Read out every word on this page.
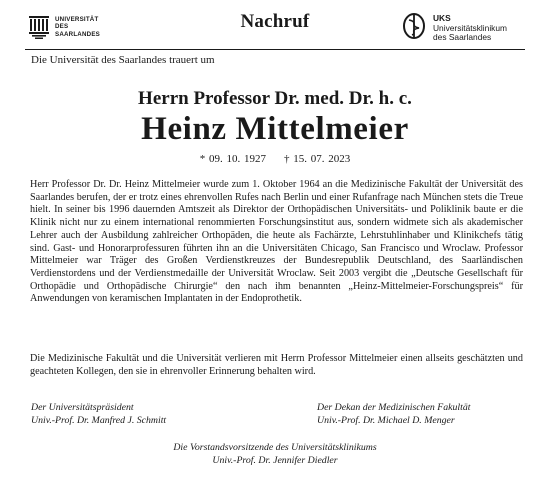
UNIVERSITÄT
DES
SAARLANDES
Nachruf	UKS
Universitätsklinikum
des Saarlandes
Die Universität des Saarlandes trauert um
Herrn Professor Dr. med. Dr. h. c.
Heinz Mittelmeier
* 09. 10. 1927 † 15. 07. 2023
Herr Professor Dr. Dr. Heinz Mittelmeier wurde zum 1. Oktober 1964 an die Medizinische Fakultät der Universität des Saarlandes berufen, der er trotz eines ehrenvollen Rufes nach Berlin und einer Rufanfrage nach München stets die Treue hielt. In seiner bis 1996 dauernden Amtszeit als Direktor der Orthopädischen Universitäts- und Poliklinik baute er die Klinik nicht nur zu einem international renommierten Forschungsinstitut aus, sondern widmete sich als akademischer Lehrer auch der Ausbildung zahlreicher Orthopäden, die heute als Fachärzte, Lehrstuhlinhaber und Klinikchefs tätig sind. Gast- und Honorarprofessuren führten ihn an die Universitäten Chicago, San Francisco und Wroclaw. Professor Mittelmeier war Träger des Großen Verdienstkreuzes der Bundesrepublik Deutschland, des Saarländischen Verdienstordens und der Verdienstmedaille der Universität Wroclaw. Seit 2003 vergibt die „Deutsche Gesellschaft für Orthopädie und Orthopädische Chirurgie“ den nach ihm benannten „Heinz-Mittelmeier-Forschungspreis“ für Anwendungen von keramischen Implantaten in der Endoprothetik.
Die Medizinische Fakultät und die Universität verlieren mit Herrn Professor Mittelmeier einen allseits geschätzten und geachteten Kollegen, den sie in ehrenvoller Erinnerung behalten wird.
Der Universitätspräsident
Univ.-Prof. Dr. Manfred J. Schmitt
Der Dekan der Medizinischen Fakultät
Univ.-Prof. Dr. Michael D. Menger
Die Vorstandsvorsitzende des Universitätsklinikums
Univ.-Prof. Dr. Jennifer Diedler
